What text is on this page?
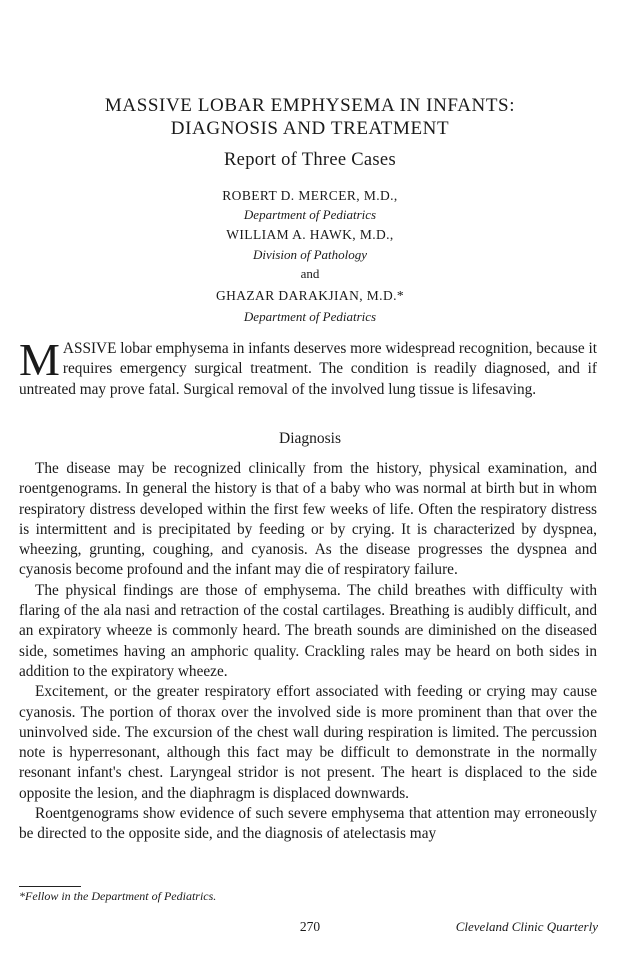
MASSIVE LOBAR EMPHYSEMA IN INFANTS:
DIAGNOSIS AND TREATMENT
Report of Three Cases
ROBERT D. MERCER, M.D.,
Department of Pediatrics
WILLIAM A. HAWK, M.D.,
Division of Pathology
and
GHAZAR DARAKJIAN, M.D.*
Department of Pediatrics
MASSIVE lobar emphysema in infants deserves more widespread recognition, because it requires emergency surgical treatment. The condition is readily diagnosed, and if untreated may prove fatal. Surgical removal of the involved lung tissue is lifesaving.
Diagnosis

The disease may be recognized clinically from the history, physical examination, and roentgenograms. In general the history is that of a baby who was normal at birth but in whom respiratory distress developed within the first few weeks of life. Often the respiratory distress is intermittent and is precipitated by feeding or by crying. It is characterized by dyspnea, wheezing, grunting, coughing, and cyanosis. As the disease progresses the dyspnea and cyanosis become profound and the infant may die of respiratory failure.

The physical findings are those of emphysema. The child breathes with difficulty with flaring of the ala nasi and retraction of the costal cartilages. Breathing is audibly difficult, and an expiratory wheeze is commonly heard. The breath sounds are diminished on the diseased side, sometimes having an amphoric quality. Crackling rales may be heard on both sides in addition to the expiratory wheeze.

Excitement, or the greater respiratory effort associated with feeding or crying may cause cyanosis. The portion of thorax over the involved side is more prominent than that over the uninvolved side. The excursion of the chest wall during respiration is limited. The percussion note is hyperresonant, although this fact may be difficult to demonstrate in the normally resonant infant's chest. Laryngeal stridor is not present. The heart is displaced to the side opposite the lesion, and the diaphragm is displaced downwards.

Roentgenograms show evidence of such severe emphysema that attention may erroneously be directed to the opposite side, and the diagnosis of atelectasis may

*Fellow in the Department of Pediatrics.
270	Cleveland Clinic Quarterly
